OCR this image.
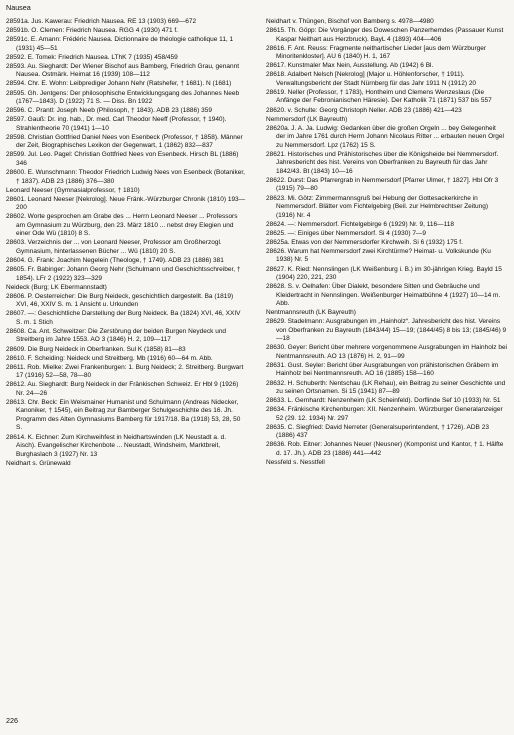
Nausea
28591a. Jus. Kawerau: Friedrich Nausea. RE 13 (1903) 669—672
28591b. O. Clemen: Friedrich Nausea. RGG 4 (1930) 471 f.
28591c. E. Amann: Frédéric Nausea. Dictionnaire de théologie catholique 11, 1 (1931) 45—51
28592. E. Tomek: Friedrich Nausea. LThK 7 (1935) 458/459
28593. Au. Sieghardt: Der Wiener Bischof aus Bamberg, Friedrich Grau, genannt Nausea. Ostmärk. Heimat 16 (1939) 108—112
28594. Chr. E. Wohn: Leibprediger Johann Nehr (Ratshefer, † 1681). N (1681)
28595. Gh. Jentgens: Der philosophische Entwicklungsgang des Johannes Neeb (1767—1843). D (1922) 71 S. — Diss. Bn 1922
28596. C. Prantl: Joseph Neeb (Philosoph, † 1843). ADB 23 (1886) 359
28597. Gauß: Dr. ing. hab., Dr. med. Carl Theodor Neeff (Professor, † 1940). Strahlentheorie 70 (1941) 1—10
28598. Christian Gottfried Daniel Nees von Esenbeck (Professor, † 1858). Männer der Zeit, Biographisches Lexikon der Gegenwart, 1 (1862) 832—837
28599. Jul. Leo. Pagel: Christian Gottfried Nees von Esenbeck. Hirsch BL (1886) 346
28600. E. Wunschmann: Theodor Friedrich Ludwig Nees von Esenbeck (Botaniker, † 1837). ADB 23 (1886) 376—380
Leonard Neeser (Gymnasialprofessor, † 1810)
28601. Leonard Neeser [Nekrolog]. Neue Fränk.-Würzburger Chronik (1810) 193—200
28602. Worte gesprochen am Grabe des ... Herrn Leonard Neeser ... Professors am Gymnasium zu Würzburg, den 23. März 1810 ... nebst drey Elegien und einer Ode Wü (1810) 8 S.
28603. Verzeichnis der ... von Leonard Neeser, Professor am Großherzogl. Gymnasium, hinterlassenen Bücher ... Wü (1810) 20 S.
28604. G. Frank: Joachim Negelein (Theologe, † 1749). ADB 23 (1886) 381
28605. Fr. Babinger: Johann Georg Nehr (Schulmann und Geschichtsschreiber, † 1854). LFr 2 (1922) 323—329
Neideck (Burg; LK Ebermannstadt)
28606. P. Oesterreicher: Die Burg Neideck, geschichtlich dargestellt. Ba (1819) XVI, 46, XXIV S. m. 1 Ansicht u. Urkunden
28607. —: Geschichtliche Darstellung der Burg Neideck. Ba (1824) XVI, 46, XXIV S. m. 1 Stich
28608. Ca. Ant. Schweitzer: Die Zerstörung der beiden Burgen Neydeck und Streitberg im Jahre 1553. AO 3 (1846) H. 2, 109—117
28609. Die Burg Neideck in Oberfranken. Sul K (1858) 81—83
28610. F. Scheiding: Neideck und Streitberg. Mb (1916) 60—64 m. Abb.
28611. Rob. Mielke: Zwei Frankenburgen: 1. Burg Neideck; 2. Streitberg. Burgwart 17 (1916) 52—58, 78—80
28612. Au. Sieghardt: Burg Neideck in der Fränkischen Schweiz. Er Hbl 9 (1926) Nr. 24—26
28613. Chr. Beck: Ein Weismainer Humanist und Schulmann (Andreas Nidecker, Kanoniker, † 1545), ein Beitrag zur Bamberger Schulgeschichte des 16. Jh. Programm des Alten Gymnasiums Bamberg für 1917/18. Ba (1918) 53, 28, 50 S.
28614. K. Eichner: Zum Kirchweihfest in Neidhartswinden (LK Neustadt a. d. Aisch). Evangelischer Kirchenbote ... Neustadt, Windsheim, Marktbreit, Burghaslach 3 (1927) Nr. 13
Neidhart s. Grünewald
Neidhart v. Thüngen, Bischof von Bamberg s. 4978—4980
28615. Th. Göpp: Die Vorgänger des Doweschen Panzerhemdes (Passauer Kunst Kaspar Neithart aus Herzbruck). BayL 4 (1893) 404—406
28616. F. Ant. Reuss: Fragmente neithartischer Lieder [aus dem Würzburger Minoritenkloster]. AU 6 (1840) H. 1, 167
28617. Kunstmaler Max Nein, Ausstellung. Ab (1942) 6 Bl.
28618. Adalbert Nelsch [Nekrolog] (Major u. Höhlenforscher, † 1911). Verwaltungsbericht der Stadt Nürnberg für das Jahr 1911 N (1912) 20
28619. Neller (Professor, † 1783), Hontheim und Clemens Wenzeslaus (Die Anfänge der Febronianischen Häresie). Der Katholik 71 (1871) 537 bis 557
28620. v. Schulte: Georg Christoph Neller. ADB 23 (1886) 421—423
Nemmersdorf (LK Bayreuth)
28620a. J. A. Ja. Ludwig: Gedanken über die großen Orgeln ... bey Gelegenheit der im Jahre 1761 durch Herrn Johann Nicolaus Ritter ... erbauten neuen Orgel zu Nemmersdorf. Lpz (1762) 15 S.
28621. Historisches und Prähistorisches über die Königsheide bei Nemmersdorf. Jahresbericht des hist. Vereins von Oberfranken zu Bayreuth für das Jahr 1842/43. Bt (1843) 10—16
28622. Durst: Das Pfarrergrab in Nemmersdorf [Pfarrer Ulmer, † 1827]. Hbl Ofr 3 (1915) 79—80
28623. Mi. Götz: Zimmermannsgruß bei Hebung der Gottesackerkirche in Nemmersdorf. Blätter vom Fichtelgebirg (Beil. zur Helmbrechtser Zeitung) (1916) Nr. 4
28624. —: Nemmersdorf. Fichtelgebirge 6 (1929) Nr. 9, 116—118
28625. —: Einiges über Nemmersdorf. Si 4 (1930) 7—9
28625a. Etwas von der Nemmersdorfer Kirchweih. Si 6 (1932) 175 f.
28626. Warum hat Nemmersdorf zwei Kirchtürme? Heimat- u. Volkskunde (Ku 1938) Nr. 5
28627. K. Ried: Nennslingen (LK Weißenburg i. B.) im 30-jährigen Krieg. Bayld 15 (1904) 220, 221, 230
28628. S. v. Oelhafen: Über Dialekt, besondere Sitten und Gebräuche und Kleidertracht in Nennslingen. Weißenburger Heimatbühne 4 (1927) 10—14 m. Abb.
Nentmannsreuth (LK Bayreuth)
28629. Stadelmann: Ausgrabungen im „Hainholz“. Jahresbericht des hist. Vereins von Oberfranken zu Bayreuth (1843/44) 15—19; (1844/45) 8 bis 13; (1845/46) 9—18
28630. Geyer: Bericht über mehrere vorgenommene Ausgrabungen im Hainholz bei Nentmannsreuth. AO 13 (1876) H. 2, 91—99
28631. Gust. Seyler: Bericht über Ausgrabungen von prähistorischen Gräbern im Hainholz bei Nentmannsreuth. AO 16 (1885) 158—160
28632. H. Schuberth: Nentschau (LK Rehau), ein Beitrag zu seiner Geschichte und zu seinen Ortsnamen. Si 15 (1941) 87—89
28633. L. Gernhardt: Nenzenheim (LK Scheinfeld). Dorflinde Sef 10 (1933) Nr. 51
28634. Fränkische Kirchenburgen: XII. Nenzenheim. Würzburger Generalanzeiger 52 (29. 12. 1934) Nr. 297
28635. C. Siegfried: David Nerreter (Generalsuperintendent, † 1726). ADB 23 (1886) 437
28636. Rob. Eitner: Johannes Neuer (Neusner) (Komponist und Kantor, † 1. Hälfte d. 17. Jh.). ADB 23 (1886) 441—442
Nessfeld s. Nesstfell
226
